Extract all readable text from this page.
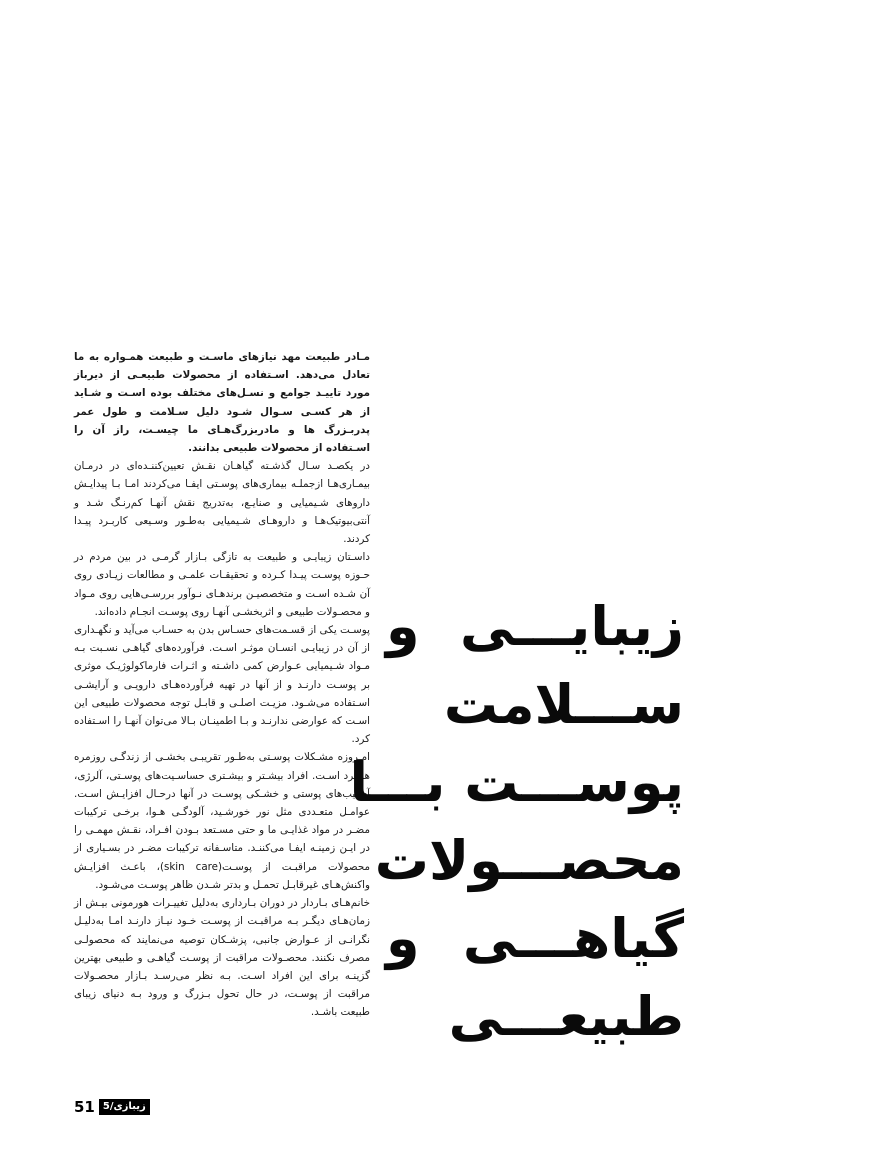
مـادر طبیعت مهد نیازهای ماسـت و طبیعت همـواره به ما تعادل می‌دهد. اسـتفاده از محصولات طبیعـی از دیرباز مورد تاییـد جوامع و نسـل‌های مختلف بوده اسـت و شـاید از هر کسـی سـوال شـود دلیل سـلامت و طول عمر پدربـزرگ ها و مادربزرگ‌هـای ما چیسـت، راز آن را اسـتفاده از محصولات طبیعی بدانند.

در یکصـد سـال گذشـته گیاهـان نقـش تعیین‌کننـده‌ای در درمـان بیمـاری‌هـا ازجملـه بیماری‌های پوسـتی ایفـا می‌کردند امـا بـا پیدایـش داروهای شـیمیایی و صنایـع، به‌تدریج نقش آنهـا کم‌رنـگ شـد و آنتی‌بیوتیک‌هـا و داروهـای شـیمیایی به‌طـور وسـیعی کاربـرد پیـدا کردند.

داسـتان زیبایـی و طبیعت به تازگی بـازار گرمـی در بین مردم در حـوزه پوسـت پیـدا کـرده و تحقیقـات علمـی و مطالعات زیـادی روی آن شـده اسـت و متخصصیـن برندهـای نـوآور بررسـی‌هایی روی مـواد و محصـولات طبیعی و اثربخشـی آنهـا روی پوسـت انجـام داده‌اند.

پوسـت یکی از قسـمت‌های حسـاس بدن به حسـاب می‌آید و نگهـداری از آن در زیبایـی انسـان موثـر اسـت. فرآورده‌های گیاهـی نسـبت بـه مـواد شـیمیایی عـوارض کمی داشـته و اثـرات فارماکولوژیـک موثری بر پوسـت دارنـد و از آنها در تهیه فرآورده‌هـای دارویـی و آرایشـی اسـتفاده می‌شـود. مزیـت اصلـی و قابـل توجه محصولات طبیعی این اسـت که عوارضی ندارنـد و بـا اطمینـان بـالا می‌توان آنهـا را اسـتفاده کرد.

امـروزه مشـکلات پوسـتی به‌طـور تقریبـی بخشـی از زندگـی روزمره هرفرد اسـت. افراد بیشـتر و بیشـتری حساسـیت‌های پوسـتی، آلرژی، آسـیب‌های پوستی و خشـکی پوسـت در آنها درحـال افزایـش اسـت. عوامـل متعـددی مثل نور خورشـید، آلودگـی هـوا، برخـی ترکیبات مضـر در مواد غذایـی ما و حتی مسـتعد بـودن افـراد، نقـش مهمـی را در ایـن زمینـه ایفـا می‌کننـد. متاسـفانه ترکیبات مضـر در بسـیاری از محصولات مراقبـت از پوسـت(skin care)، باعـث افزایـش واکنش‌هـای غیرقابـل تحمـل و بدتر شـدن ظاهر پوسـت می‌شـود.

خانم‌هـای بـاردار در دوران بـارداری به‌دلیل تغییـرات هورمونی بیـش از زمان‌هـای دیگـر بـه مراقبـت از پوسـت خـود نیـاز دارنـد امـا به‌دلیـل نگرانـی از عـوارض جانبی، پزشـکان توصیه می‌نمایند که محصولـی مصرف نکنند. محصـولات مراقبت از پوسـت گیاهـی و طبیعی بهترین گزینـه برای این افراد اسـت. بـه نظر می‌رسـد بـازار محصـولات مراقبت از پوسـت، در حال تحول بـزرگ و ورود بـه دنیای زیبای طبیعت باشـد.

زیبایـــی و
ســـلامت
پوســـت بـــا
محصـــولات
گیاهـــی و
طبیعـــی
زیبازی/5
51
